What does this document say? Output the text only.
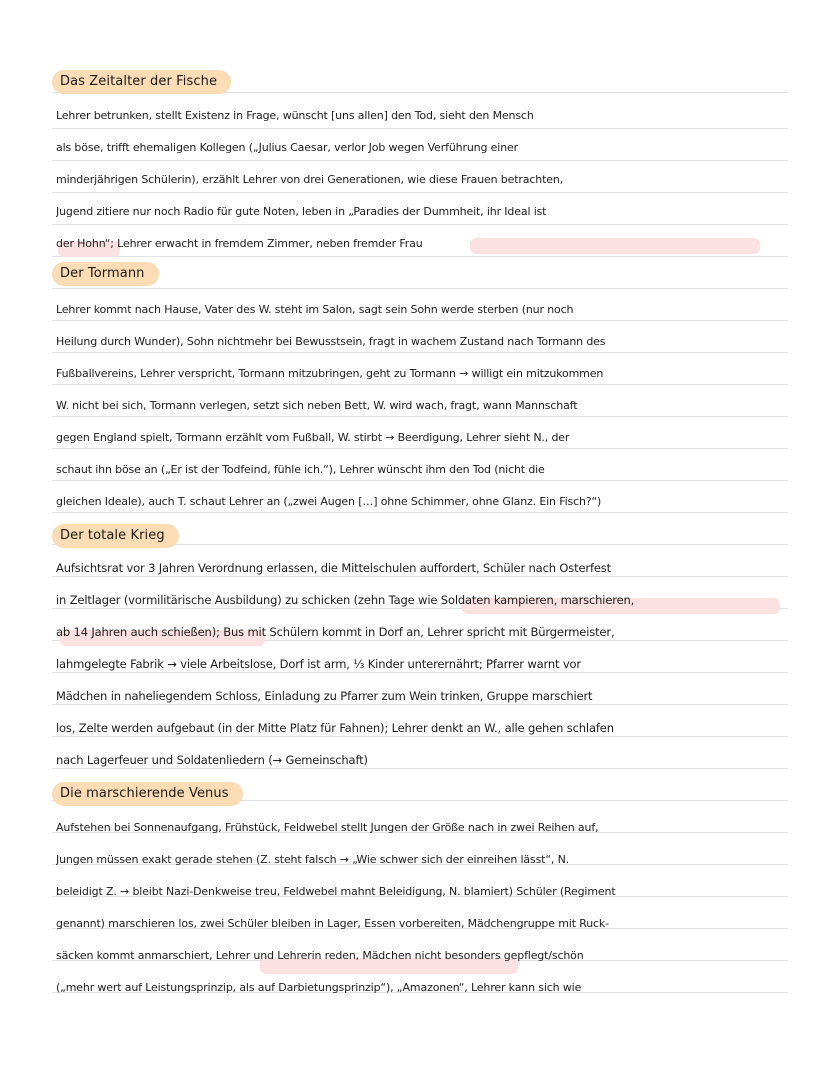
Das Zeitalter der Fische
Lehrer betrunken, stellt Existenz in Frage, wünscht [uns allen] den Tod, sieht den Mensch
als böse, trifft ehemaligen Kollegen („Julius Caesar, verlor Job wegen Verführung einer
minderjährigen Schülerin), erzählt Lehrer von drei Generationen, wie diese Frauen betrachten,
Jugend zitiere nur noch Radio für gute Noten, leben in „Paradies der Dummheit, ihr Ideal ist
der Hohn“; Lehrer erwacht in fremdem Zimmer, neben fremder Frau
Der Tormann
Lehrer kommt nach Hause, Vater des W. steht im Salon, sagt sein Sohn werde sterben (nur noch
Heilung durch Wunder), Sohn nichtmehr bei Bewusstsein, fragt in wachem Zustand nach Tormann des
Fußballvereins, Lehrer verspricht, Tormann mitzubringen, geht zu Tormann → willigt ein mitzukommen
W. nicht bei sich, Tormann verlegen, setzt sich neben Bett, W. wird wach, fragt, wann Mannschaft
gegen England spielt, Tormann erzählt vom Fußball, W. stirbt → Beerdigung, Lehrer sieht N., der
schaut ihn böse an („Er ist der Todfeind, fühle ich.“), Lehrer wünscht ihm den Tod (nicht die
gleichen Ideale), auch T. schaut Lehrer an („zwei Augen […] ohne Schimmer, ohne Glanz. Ein Fisch?“)
Der totale Krieg
Aufsichtsrat vor 3 Jahren Verordnung erlassen, die Mittelschulen auffordert, Schüler nach Osterfest
in Zeltlager (vormilitärische Ausbildung) zu schicken (zehn Tage wie Soldaten kampieren, marschieren,
ab 14 Jahren auch schießen); Bus mit Schülern kommt in Dorf an, Lehrer spricht mit Bürgermeister,
lahmgelegte Fabrik → viele Arbeitslose, Dorf ist arm, ⅓ Kinder unterernährt; Pfarrer warnt vor
Mädchen in naheliegendem Schloss, Einladung zu Pfarrer zum Wein trinken, Gruppe marschiert
los, Zelte werden aufgebaut (in der Mitte Platz für Fahnen); Lehrer denkt an W., alle gehen schlafen
nach Lagerfeuer und Soldatenliedern (→ Gemeinschaft)
Die marschierende Venus
Aufstehen bei Sonnenaufgang, Frühstück, Feldwebel stellt Jungen der Größe nach in zwei Reihen auf,
Jungen müssen exakt gerade stehen (Z. steht falsch → „Wie schwer sich der einreihen lässt“, N.
beleidigt Z. → bleibt Nazi-Denkweise treu, Feldwebel mahnt Beleidigung, N. blamiert) Schüler (Regiment
genannt) marschieren los, zwei Schüler bleiben in Lager, Essen vorbereiten, Mädchengruppe mit Ruck-
säcken kommt anmarschiert, Lehrer und Lehrerin reden, Mädchen nicht besonders gepflegt/schön
(„mehr wert auf Leistungsprinzip, als auf Darbietungsprinzip“), „Amazonen“, Lehrer kann sich wie
